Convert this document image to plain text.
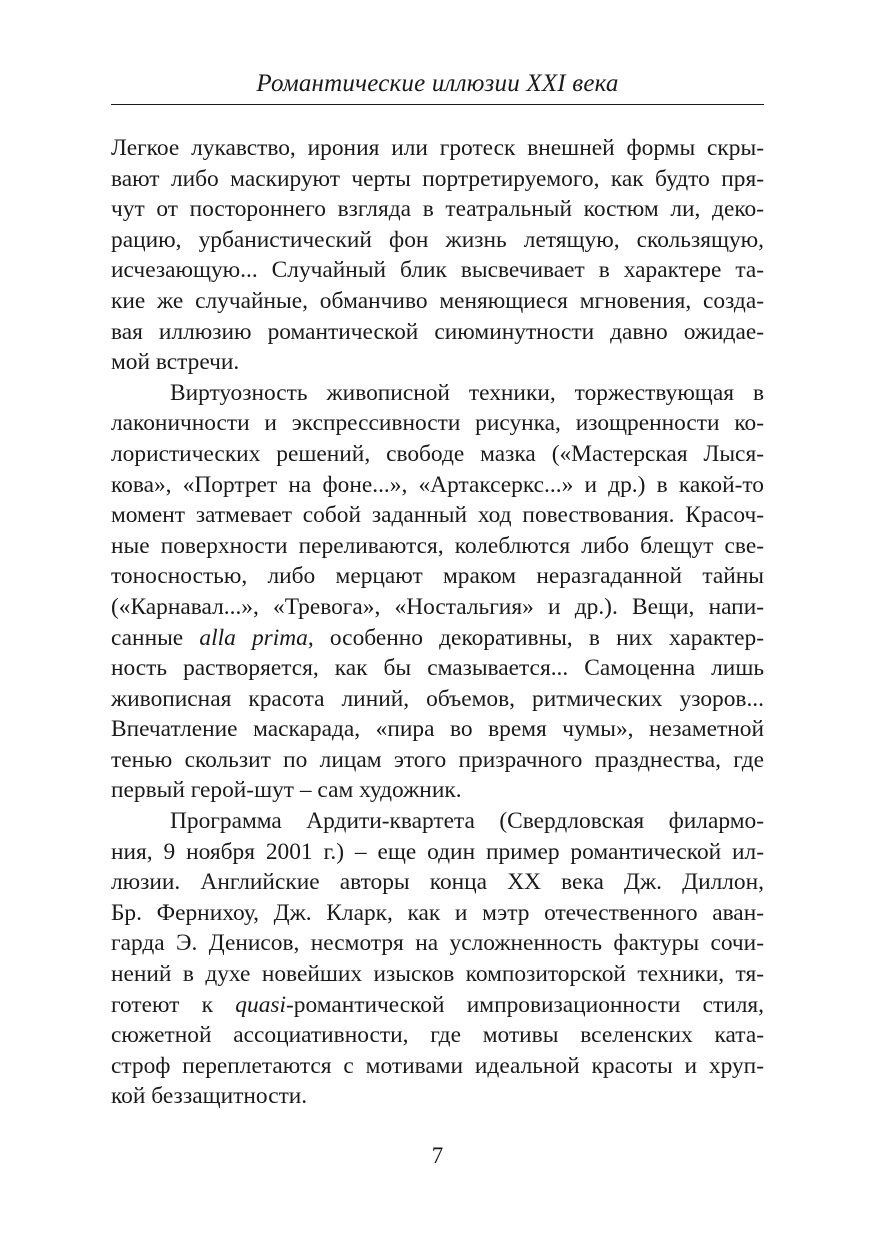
Романтические иллюзии XXI века
Легкое лукавство, ирония или гротеск внешней формы скры-
вают либо маскируют черты портретируемого, как будто пря-
чут от постороннего взгляда в театральный костюм ли, деко-
рацию, урбанистический фон жизнь летящую, скользящую,
исчезающую... Случайный блик высвечивает в характере та-
кие же случайные, обманчиво меняющиеся мгновения, созда-
вая иллюзию романтической сиюминутности давно ожидае-
мой встречи.
Виртуозность живописной техники, торжествующая в
лаконичности и экспрессивности рисунка, изощренности ко-
лористических решений, свободе мазка («Мастерская Лыся-
кова», «Портрет на фоне...», «Артаксеркс...» и др.) в какой-то
момент затмевает собой заданный ход повествования. Красоч-
ные поверхности переливаются, колеблются либо блещут све-
тоносностью, либо мерцают мраком неразгаданной тайны
(«Карнавал...», «Тревога», «Ностальгия» и др.). Вещи, напи-
санные alla prima, особенно декоративны, в них характер-
ность растворяется, как бы смазывается... Самоценна лишь
живописная красота линий, объемов, ритмических узоров...
Впечатление маскарада, «пира во время чумы», незаметной
тенью скользит по лицам этого призрачного празднества, где
первый герой-шут – сам художник.
Программа Ардити-квартета (Свердловская филармо-
ния, 9 ноября 2001 г.) – еще один пример романтической ил-
люзии. Английские авторы конца XX века Дж. Диллон,
Бр. Фернихоу, Дж. Кларк, как и мэтр отечественного аван-
гарда Э. Денисов, несмотря на усложненность фактуры сочи-
нений в духе новейших изысков композиторской техники, тя-
готеют к quasi-романтической импровизационности стиля,
сюжетной ассоциативности, где мотивы вселенских ката-
строф переплетаются с мотивами идеальной красоты и хруп-
кой беззащитности.
7
